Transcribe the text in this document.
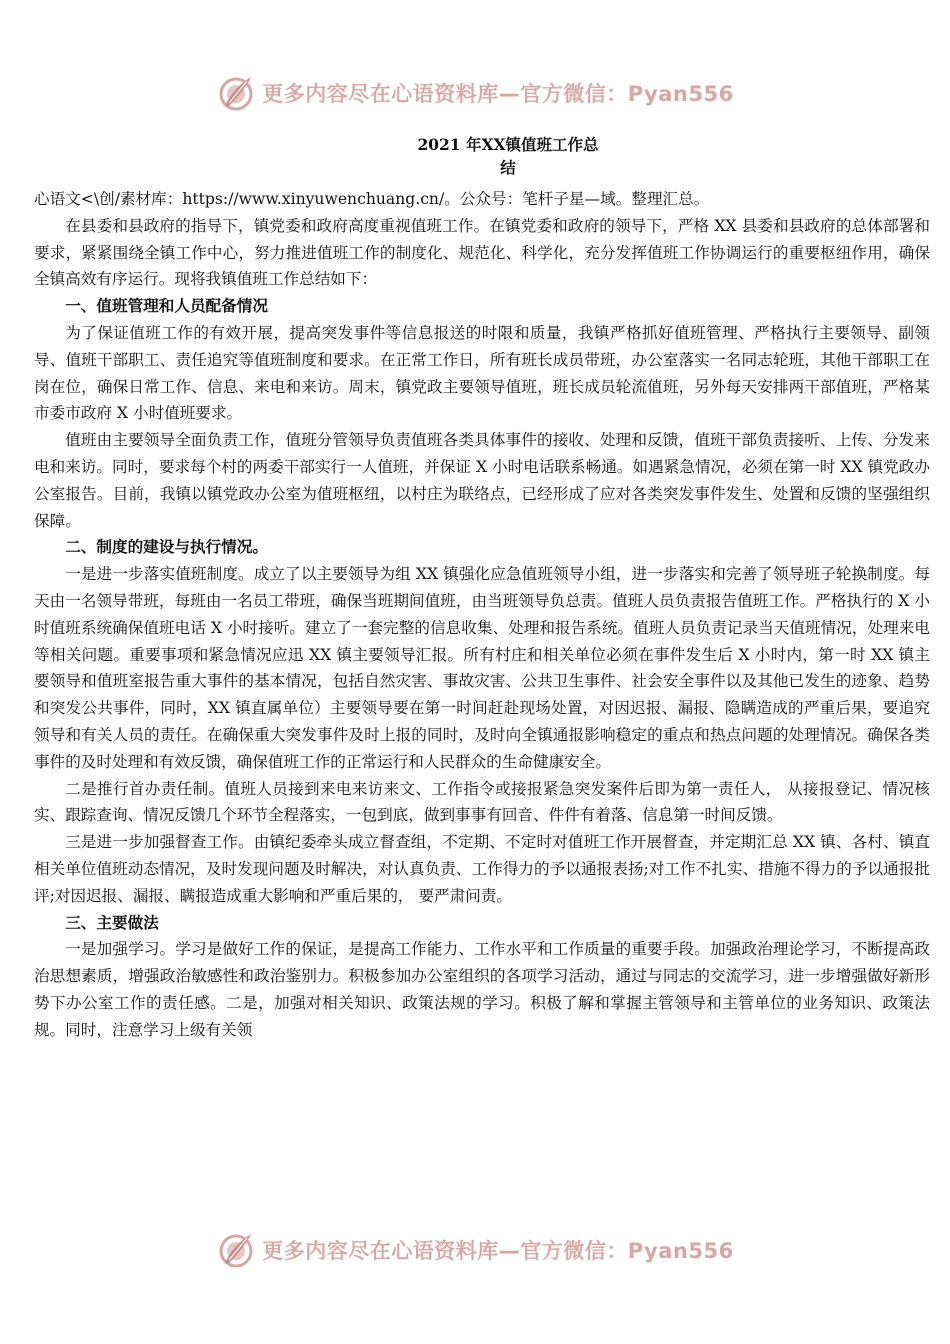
更多内容尽在心语资料库—官方微信：Pyan556
2021 年XX镇值班工作总
结

心语文<\创/素材库：https://www.xinyuwenchuang.cn/。公众号：笔杆子星—域。整理汇总。

在县委和县政府的指导下，镇党委和政府高度重视值班工作。在镇党委和政府的领导下，严格 XX 县委和县政府的总体部署和要求，紧紧围绕全镇工作中心，努力推进值班工作的制度化、规范化、科学化，充分发挥值班工作协调运行的重要枢纽作用，确保全镇高效有序运行。现将我镇值班工作总结如下：

一、值班管理和人员配备情况

为了保证值班工作的有效开展，提高突发事件等信息报送的时限和质量，我镇严格抓好值班管理、严格执行主要领导、副领导、值班干部职工、责任追究等值班制度和要求。在正常工作日，所有班长成员带班，办公室落实一名同志轮班，其他干部职工在岗在位，确保日常工作、信息、来电和来访。周末，镇党政主要领导值班，班长成员轮流值班，另外每天安排两干部值班，严格某市委市政府 X 小时值班要求。

值班由主要领导全面负责工作，值班分管领导负责值班各类具体事件的接收、处理和反馈，值班干部负责接听、上传、分发来电和来访。同时，要求每个村的两委干部实行一人值班，并保证 X 小时电话联系畅通。如遇紧急情况，必须在第一时 XX 镇党政办公室报告。目前，我镇以镇党政办公室为值班枢纽，以村庄为联络点，已经形成了应对各类突发事件发生、处置和反馈的坚强组织保障。

二、制度的建设与执行情况。

一是进一步落实值班制度。成立了以主要领导为组 XX 镇强化应急值班领导小组，进一步落实和完善了领导班子轮换制度。每天由一名领导带班，每班由一名员工带班，确保当班期间值班，由当班领导负总责。值班人员负责报告值班工作。严格执行的 X 小时值班系统确保值班电话 X 小时接听。建立了一套完整的信息收集、处理和报告系统。值班人员负责记录当天值班情况，处理来电等相关问题。重要事项和紧急情况应迅 XX 镇主要领导汇报。所有村庄和相关单位必须在事件发生后 X 小时内，第一时 XX 镇主要领导和值班室报告重大事件的基本情况，包括自然灾害、事故灾害、公共卫生事件、社会安全事件以及其他已发生的迹象、趋势和突发公共事件，同时，XX 镇直属单位）主要领导要在第一时间赶赴现场处置，对因迟报、漏报、隐瞒造成的严重后果，要追究领导和有关人员的责任。在确保重大突发事件及时上报的同时，及时向全镇通报影响稳定的重点和热点问题的处理情况。确保各类事件的及时处理和有效反馈，确保值班工作的正常运行和人民群众的生命健康安全。

二是推行首办责任制。值班人员接到来电来访来文、工作指令或接报紧急突发案件后即为第一责任人， 从接报登记、情况核实、跟踪查询、情况反馈几个环节全程落实，一包到底，做到事事有回音、件件有着落、信息第一时间反馈。

三是进一步加强督查工作。由镇纪委牵头成立督查组，不定期、不定时对值班工作开展督查，并定期汇总 XX 镇、各村、镇直相关单位值班动态情况，及时发现问题及时解决，对认真负责、工作得力的予以通报表扬;对工作不扎实、措施不得力的予以通报批评;对因迟报、漏报、瞒报造成重大影响和严重后果的， 要严肃问责。

三、主要做法

一是加强学习。学习是做好工作的保证，是提高工作能力、工作水平和工作质量的重要手段。加强政治理论学习，不断提高政治思想素质，增强政治敏感性和政治鉴别力。积极参加办公室组织的各项学习活动，通过与同志的交流学习，进一步增强做好新形势下办公室工作的责任感。二是，加强对相关知识、政策法规的学习。积极了解和掌握主管领导和主管单位的业务知识、政策法规。同时，注意学习上级有关领

更多内容尽在心语资料库—官方微信：Pyan556
